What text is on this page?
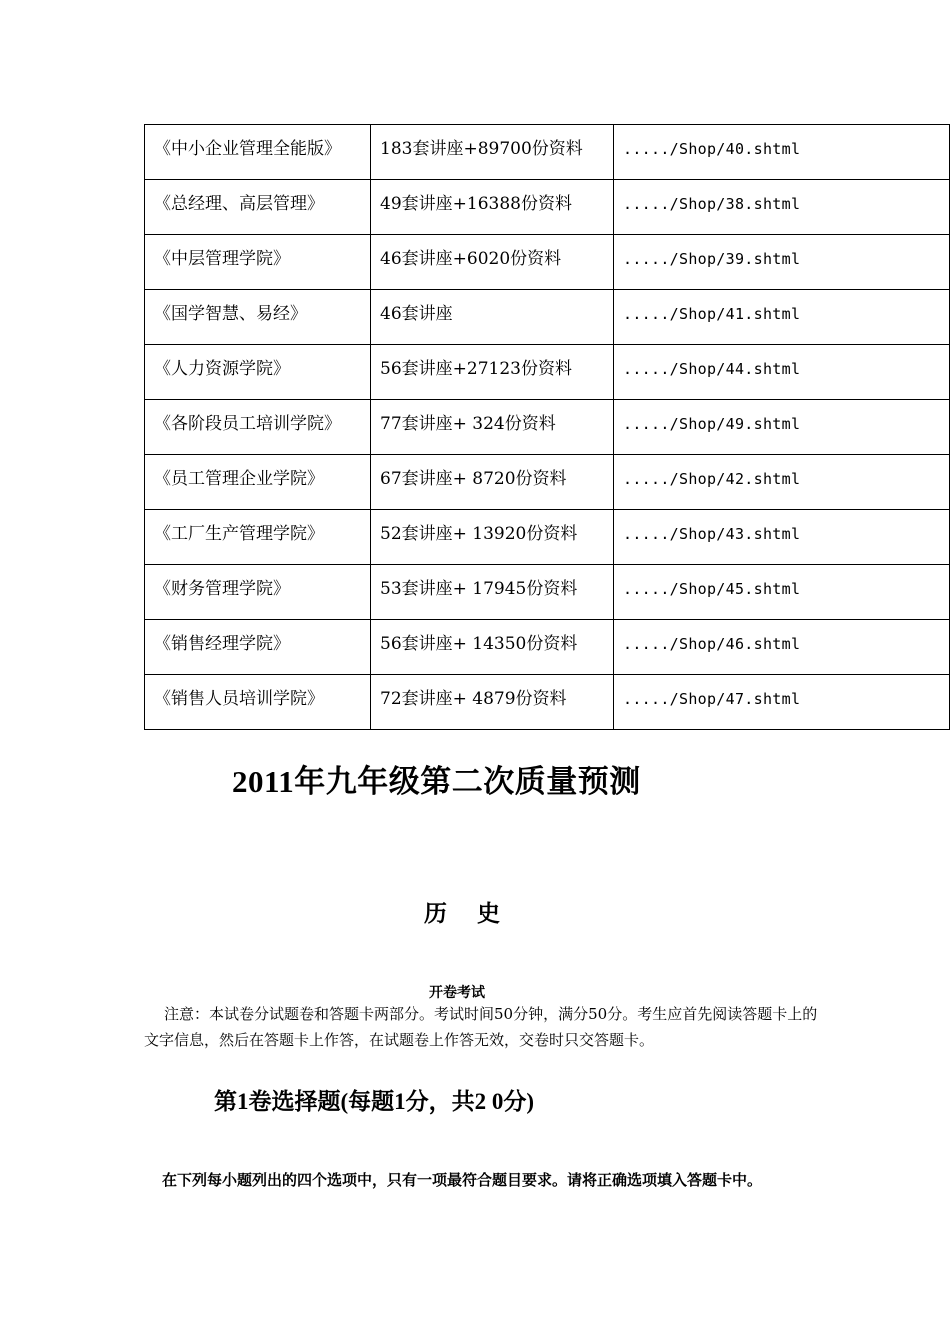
《中小企业管理全能版》	183套讲座+89700份资料	...../Shop/40.shtml
《总经理、高层管理》	49套讲座+16388份资料	...../Shop/38.shtml
《中层管理学院》	46套讲座+6020份资料	...../Shop/39.shtml
《国学智慧、易经》	46套讲座	...../Shop/41.shtml
《人力资源学院》	56套讲座+27123份资料	...../Shop/44.shtml
《各阶段员工培训学院》	77套讲座+ 324份资料	...../Shop/49.shtml
《员工管理企业学院》	67套讲座+ 8720份资料	...../Shop/42.shtml
《工厂生产管理学院》	52套讲座+ 13920份资料	...../Shop/43.shtml
《财务管理学院》	53套讲座+ 17945份资料	...../Shop/45.shtml
《销售经理学院》	56套讲座+ 14350份资料	...../Shop/46.shtml
《销售人员培训学院》	72套讲座+ 4879份资料	...../Shop/47.shtml
2011年九年级第二次质量预测
历史
开卷考试
注意：本试卷分试题卷和答题卡两部分。考试时间50分钟，满分50分。考生应首先阅读答题卡上的文字信息，然后在答题卡上作答，在试题卷上作答无效，交卷时只交答题卡。
第1卷选择题(每题1分，共2 0分)
在下列每小题列出的四个选项中，只有一项最符合题目要求。请将正确选项填入答题卡中。
